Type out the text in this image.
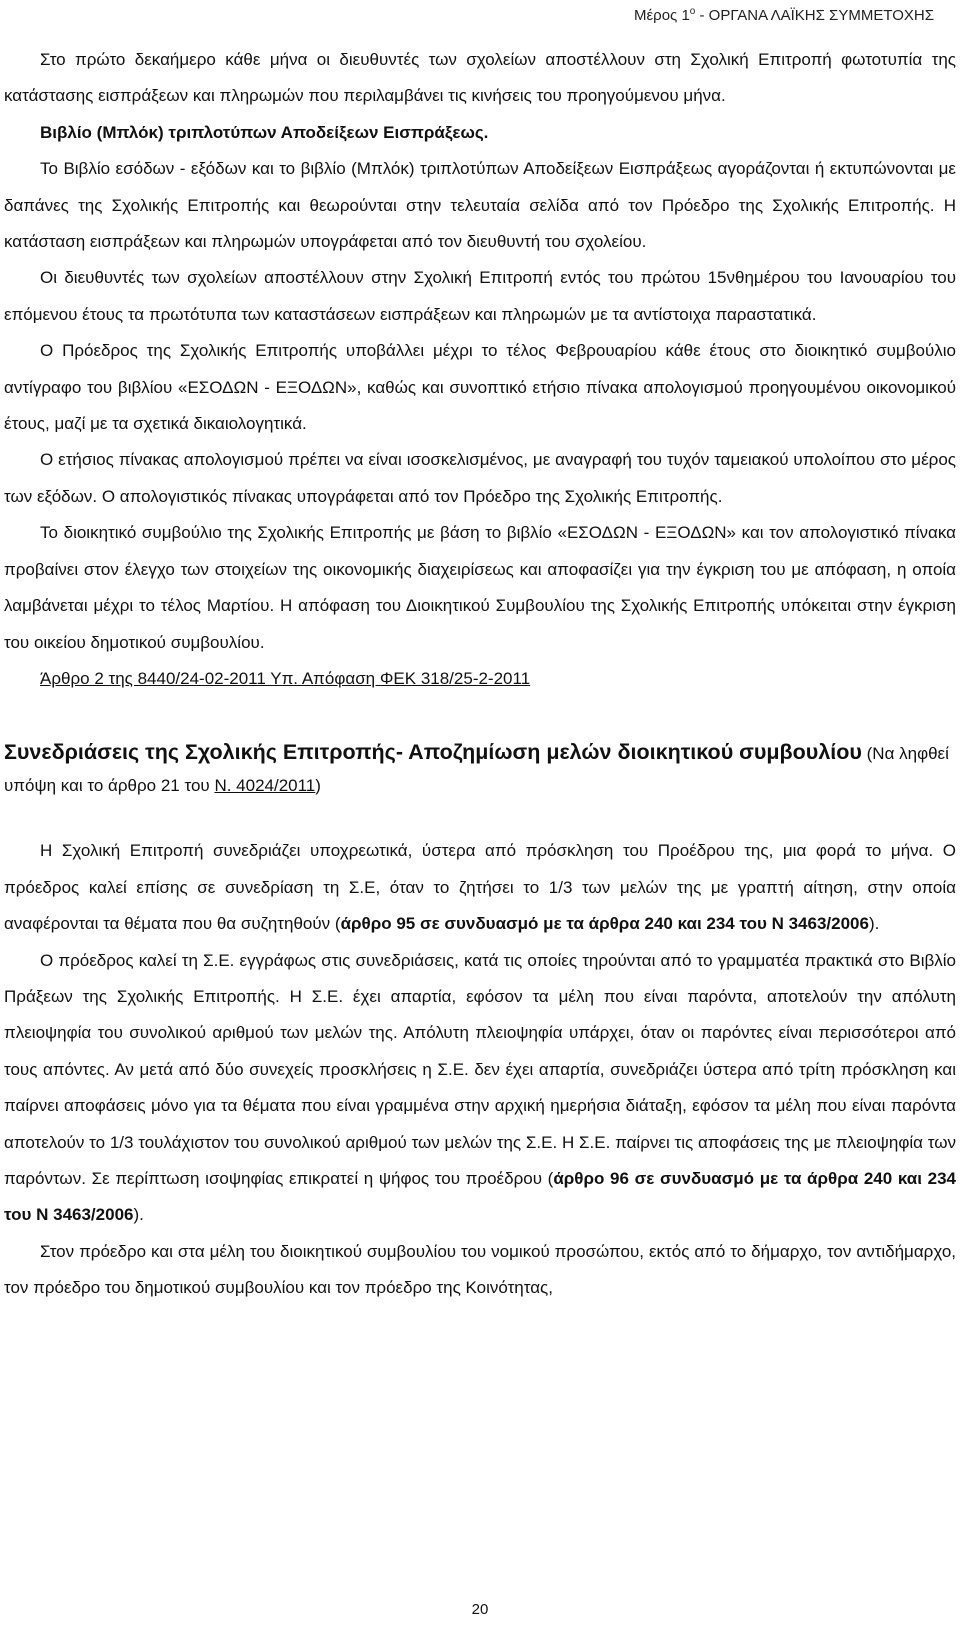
Μέρος $1^o$ - ΟΡΓΑΝΑ ΛΑΪΚΗΣ ΣΥΜΜΕΤΟΧΗΣ

Στο πρώτο δεκαήμερο κάθε μήνα οι διευθυντές των σχολείων αποστέλλουν στη Σχολική Επιτροπή φωτοτυπία της κατάστασης εισπράξεων και πληρωμών που περιλαμβάνει τις κινήσεις του προηγούμενου μήνα.

Βιβλίο (Μπλόκ) τριπλοτύπων Αποδείξεων Εισπράξεως.

Το Βιβλίο εσόδων - εξόδων και το βιβλίο (Μπλόκ) τριπλοτύπων Αποδείξεων Εισπράξεως αγοράζονται ή εκτυπώνονται με δαπάνες της Σχολικής Επιτροπής και θεωρούνται στην τελευταία σελίδα από τον Πρόεδρο της Σχολικής Επιτροπής. Η κατάσταση εισπράξεων και πληρωμών υπογράφεται από τον διευθυντή του σχολείου.

Οι διευθυντές των σχολείων αποστέλλουν στην Σχολική Επιτροπή εντός του πρώτου 15νθημέρου του Ιανουαρίου του επόμενου έτους τα πρωτότυπα των καταστάσεων εισπράξεων και πληρωμών με τα αντίστοιχα παραστατικά.

Ο Πρόεδρος της Σχολικής Επιτροπής υποβάλλει μέχρι το τέλος Φεβρουαρίου κάθε έτους στο διοικητικό συμβούλιο αντίγραφο του βιβλίου «ΕΣΟΔΩΝ - ΕΞΟΔΩΝ», καθώς και συνοπτικό ετήσιο πίνακα απολογισμού προηγουμένου οικονομικού έτους, μαζί με τα σχετικά δικαιολογητικά.

Ο ετήσιος πίνακας απολογισμού πρέπει να είναι ισοσκελισμένος, με αναγραφή του τυχόν ταμειακού υπολοίπου στο μέρος των εξόδων. Ο απολογιστικός πίνακας υπογράφεται από τον Πρόεδρο της Σχολικής Επιτροπής.

Το διοικητικό συμβούλιο της Σχολικής Επιτροπής με βάση το βιβλίο «ΕΣΟΔΩΝ - ΕΞΟΔΩΝ» και τον απολογιστικό πίνακα προβαίνει στον έλεγχο των στοιχείων της οικονομικής διαχειρίσεως και αποφασίζει για την έγκριση του με απόφαση, η οποία λαμβάνεται μέχρι το τέλος Μαρτίου. Η απόφαση του Διοικητικού Συμβουλίου της Σχολικής Επιτροπής υπόκειται στην έγκριση του οικείου δημοτικού συμβουλίου.

Άρθρο 2 της 8440/24-02-2011 Υπ. Απόφαση ΦΕΚ 318/25-2-2011

Συνεδριάσεις της Σχολικής Επιτροπής- Αποζημίωση μελών διοικητικού συμβουλίου (Να ληφθεί υπόψη και το άρθρο 21 του Ν. 4024/2011)

Η Σχολική Επιτροπή συνεδριάζει υποχρεωτικά, ύστερα από πρόσκληση του Προέδρου της, μια φορά το μήνα. Ο πρόεδρος καλεί επίσης σε συνεδρίαση τη Σ.Ε, όταν το ζητήσει το 1/3 των μελών της με γραπτή αίτηση, στην οποία αναφέρονται τα θέματα που θα συζητηθούν (άρθρο 95 σε συνδυασμό με τα άρθρα 240 και 234 του Ν 3463/2006).

Ο πρόεδρος καλεί τη Σ.Ε. εγγράφως στις συνεδριάσεις, κατά τις οποίες τηρούνται από το γραμματέα πρακτικά στο Βιβλίο Πράξεων της Σχολικής Επιτροπής. Η Σ.Ε. έχει απαρτία, εφόσον τα μέλη που είναι παρόντα, αποτελούν την απόλυτη πλειοψηφία του συνολικού αριθμού των μελών της. Απόλυτη πλειοψηφία υπάρχει, όταν οι παρόντες είναι περισσότεροι από τους απόντες. Αν μετά από δύο συνεχείς προσκλήσεις η Σ.Ε. δεν έχει απαρτία, συνεδριάζει ύστερα από τρίτη πρόσκληση και παίρνει αποφάσεις μόνο για τα θέματα που είναι γραμμένα στην αρχική ημερήσια διάταξη, εφόσον τα μέλη που είναι παρόντα αποτελούν το 1/3 τουλάχιστον του συνολικού αριθμού των μελών της Σ.Ε. Η Σ.Ε. παίρνει τις αποφάσεις της με πλειοψηφία των παρόντων. Σε περίπτωση ισοψηφίας επικρατεί η ψήφος του προέδρου (άρθρο 96 σε συνδυασμό με τα άρθρα 240 και 234 του Ν 3463/2006).

Στον πρόεδρο και στα μέλη του διοικητικού συμβουλίου του νομικού προσώπου, εκτός από το δήμαρχο, τον αντιδήμαρχο, τον πρόεδρο του δημοτικού συμβουλίου και τον πρόεδρο της Κοινότητας,

20
